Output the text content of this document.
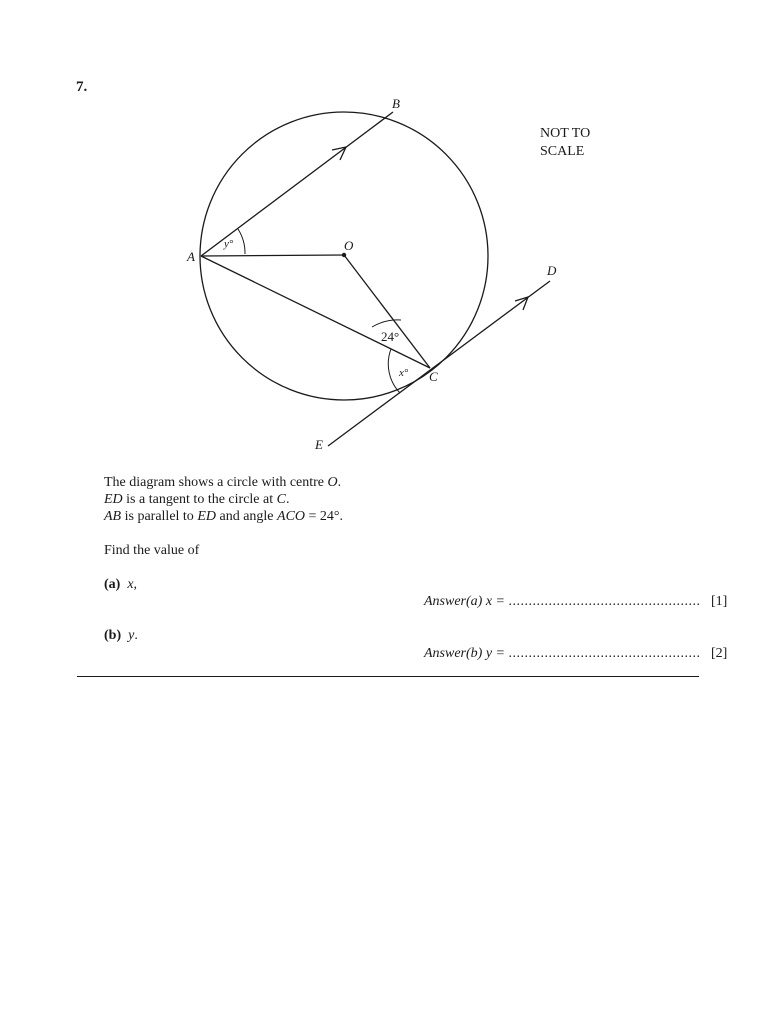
7.
NOT TO
SCALE
A
B
O
C
D
E
y°
24°
x°
The diagram shows a circle with centre O.
ED is a tangent to the circle at C.
AB is parallel to ED and angle ACO = 24°.
Find the value of
(a) x,
Answer(a) x = ................................................ [1]
(b) y.
Answer(b) y = ................................................ [2]
